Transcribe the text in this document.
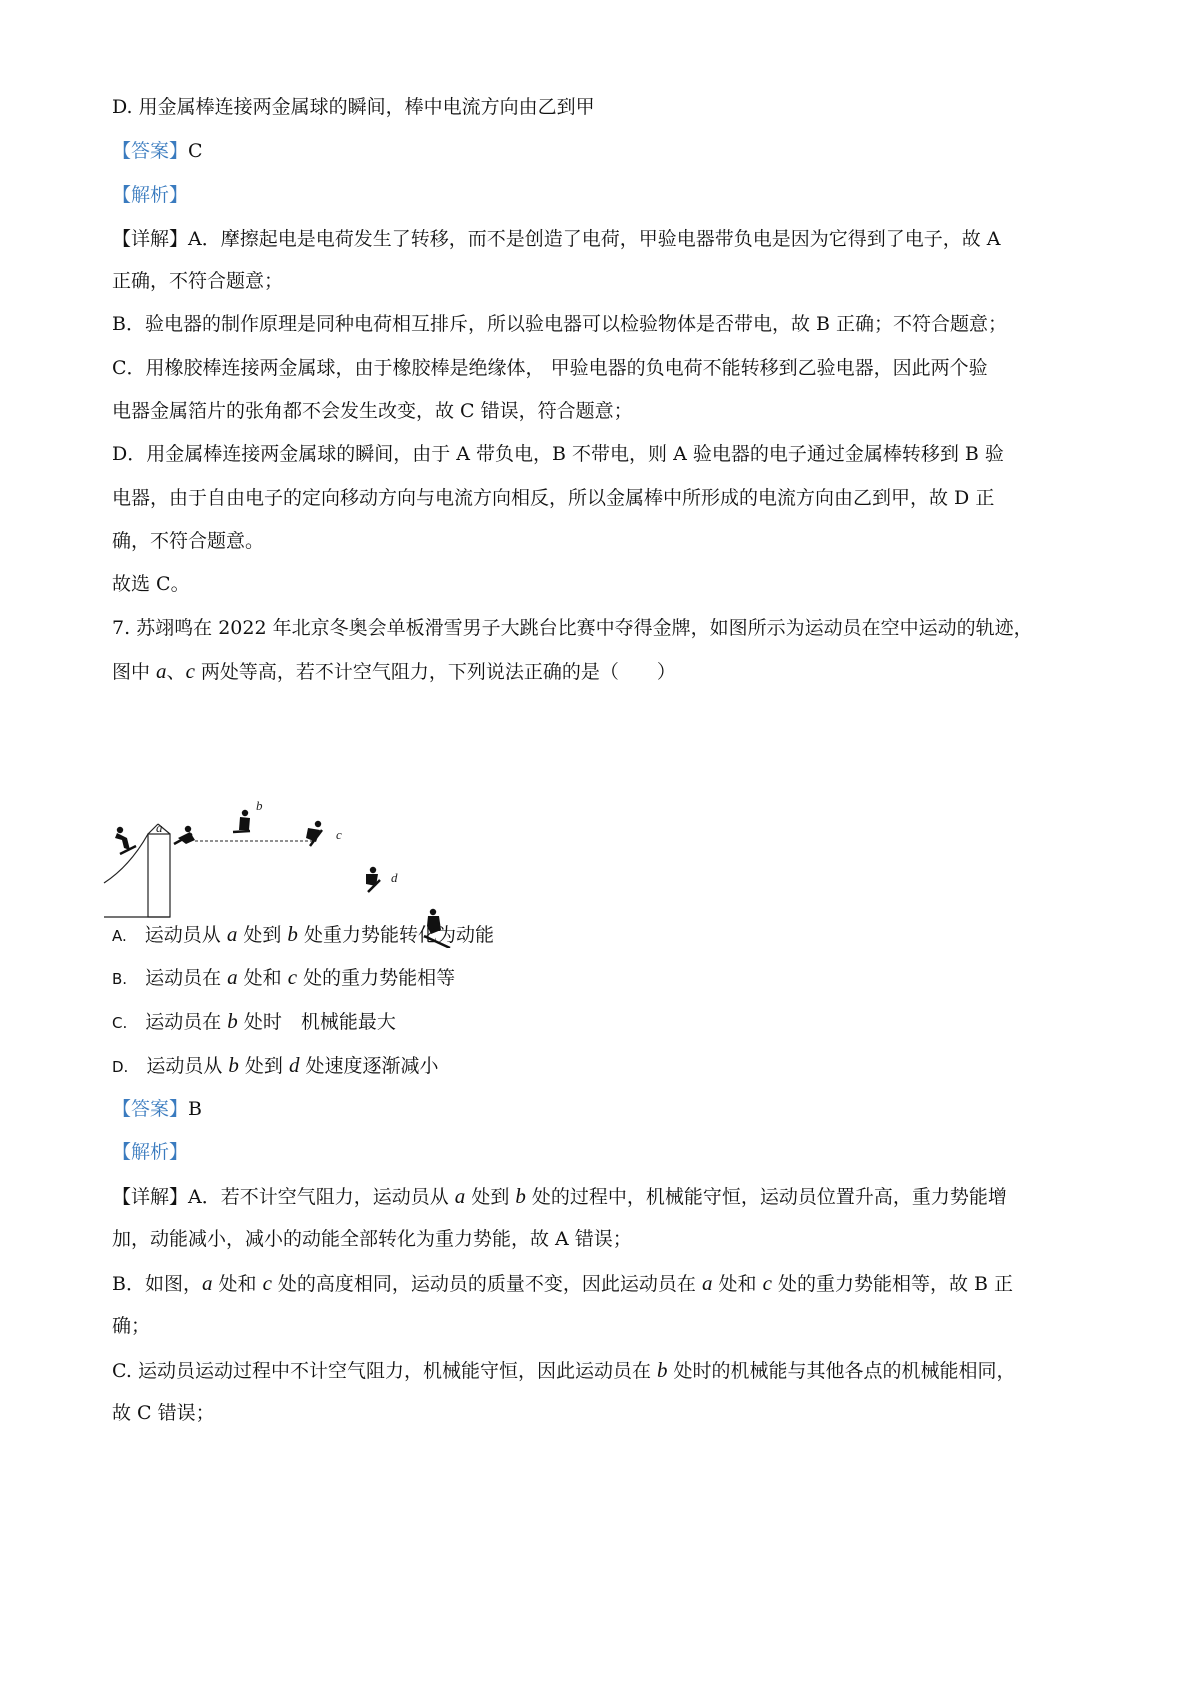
D. 用金属棒连接两金属球的瞬间，棒中电流方向由乙到甲
【答案】C
【解析】
【详解】A．摩擦起电是电荷发生了转移，而不是创造了电荷，甲验电器带负电是因为它得到了电子，故 A
正确，不符合题意；
B．验电器的制作原理是同种电荷相互排斥，所以验电器可以检验物体是否带电，故 B 正确；不符合题意；
C．用橡胶棒连接两金属球，由于橡胶棒是绝缘体， 甲验电器的负电荷不能转移到乙验电器，因此两个验
电器金属箔片的张角都不会发生改变，故 C 错误，符合题意；
D．用金属棒连接两金属球的瞬间，由于 A 带负电，B 不带电，则 A 验电器的电子通过金属棒转移到 B 验
电器，由于自由电子的定向移动方向与电流方向相反，所以金属棒中所形成的电流方向由乙到甲，故 D 正
确，不符合题意。
故选 C。
7. 苏翊鸣在 2022 年北京冬奥会单板滑雪男子大跳台比赛中夺得金牌，如图所示为运动员在空中运动的轨迹，
图中 a、c 两处等高，若不计空气阻力，下列说法正确的是（　　）
a
b
c
d
A. 运动员从 a 处到 b 处重力势能转化为动能
B. 运动员在 a 处和 c 处的重力势能相等
C. 运动员在 b 处时　机械能最大
D. 运动员从 b 处到 d 处速度逐渐减小
【答案】B
【解析】
【详解】A．若不计空气阻力，运动员从 a 处到 b 处的过程中，机械能守恒，运动员位置升高，重力势能增
加，动能减小，减小的动能全部转化为重力势能，故 A 错误；
B．如图，a 处和 c 处的高度相同，运动员的质量不变，因此运动员在 a 处和 c 处的重力势能相等，故 B 正
确；
C. 运动员运动过程中不计空气阻力，机械能守恒，因此运动员在 b 处时的机械能与其他各点的机械能相同，
故 C 错误；
